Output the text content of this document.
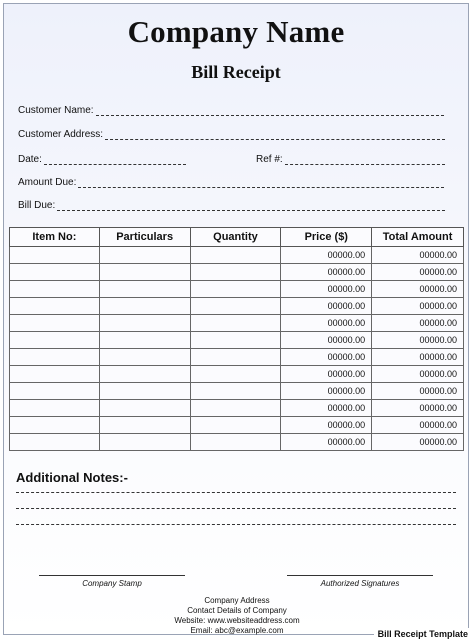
Company Name
Bill Receipt
Customer Name:
Customer Address:
Date:	Ref #:
Amount Due:
Bill Due:
Item No:	Particulars	Quantity	Price ($)	Total Amount
			00000.00	00000.00
			00000.00	00000.00
			00000.00	00000.00
			00000.00	00000.00
			00000.00	00000.00
			00000.00	00000.00
			00000.00	00000.00
			00000.00	00000.00
			00000.00	00000.00
			00000.00	00000.00
			00000.00	00000.00
			00000.00	00000.00
Additional Notes:-
Company Stamp	Authorized Signatures
Company Address
Contact Details of Company
Website: www.websiteaddress.com
Email: abc@example.com	Bill Receipt Template
